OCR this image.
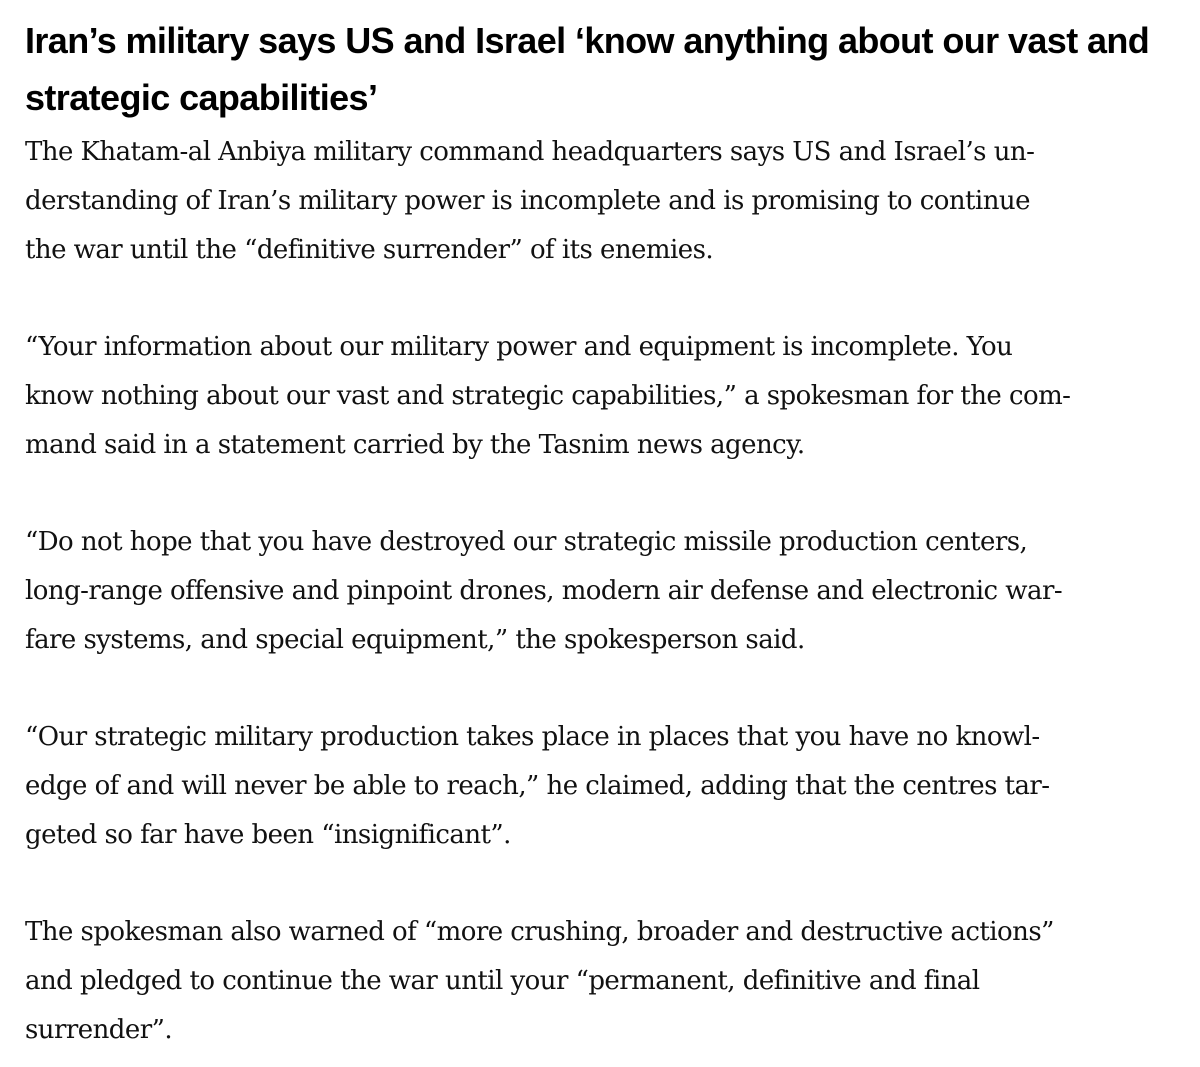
Iran’s military says US and Israel ‘know anything about our vast and
strategic capabilities’

The Khatam-al Anbiya military command headquarters says US and Israel’s un-
derstanding of Iran’s military power is incomplete and is promising to continue
the war until the “definitive surrender” of its enemies.

“Your information about our military power and equipment is incomplete. You
know nothing about our vast and strategic capabilities,” a spokesman for the com-
mand said in a statement carried by the Tasnim news agency.

“Do not hope that you have destroyed our strategic missile production centers,
long-range offensive and pinpoint drones, modern air defense and electronic war-
fare systems, and special equipment,” the spokesperson said.

“Our strategic military production takes place in places that you have no knowl-
edge of and will never be able to reach,” he claimed, adding that the centres tar-
geted so far have been “insignificant”.

The spokesman also warned of “more crushing, broader and destructive actions”
and pledged to continue the war until your “permanent, definitive and final
surrender”.
